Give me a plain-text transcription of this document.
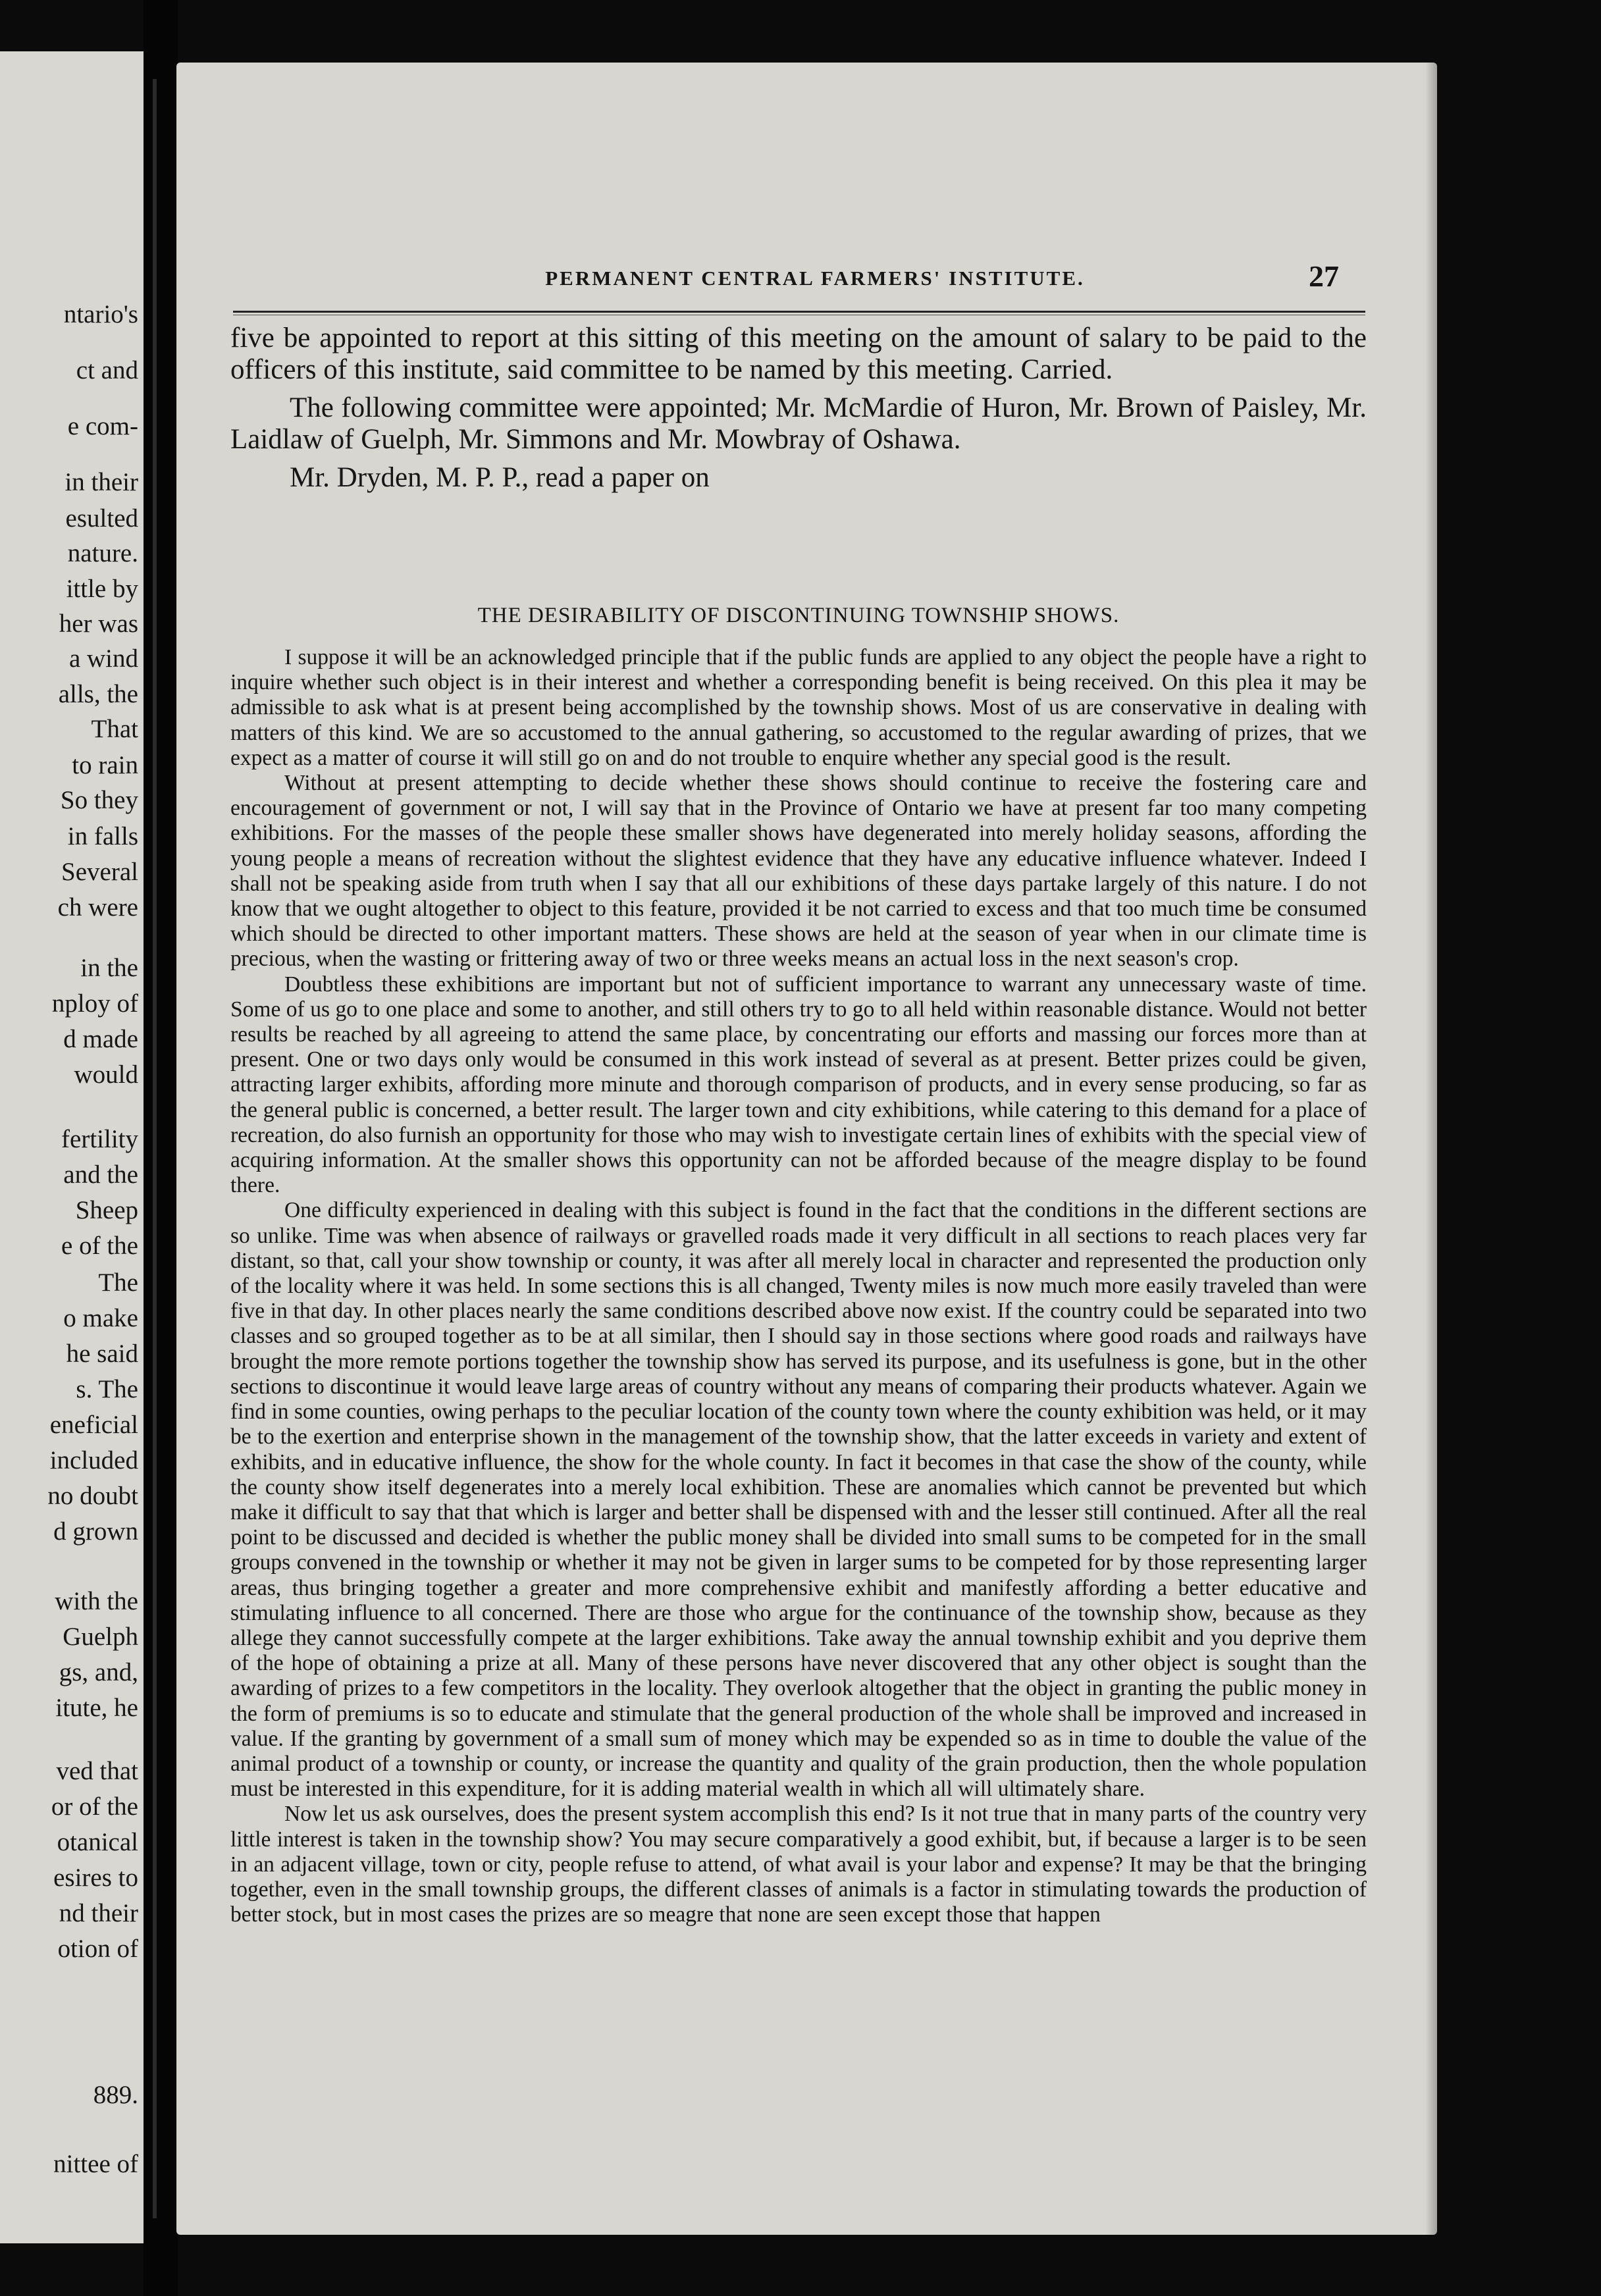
ntario's
ct and
e com-
in their
esulted
nature.
ittle by
her was
a wind
alls, the
That
to rain
So they
in falls
Several
ch were
in the
nploy of
d made
would
fertility
and the
Sheep
e of the
The
o make
he said
s. The
eneficial
included
no doubt
d grown
with the
Guelph
gs, and,
itute, he
ved that
or of the
otanical
esires to
nd their
otion of
889.
nittee of
PERMANENT CENTRAL FARMERS' INSTITUTE.	27

five be appointed to report at this sitting of this meeting on the amount of salary to be paid to the officers of this institute, said committee to be named by this meeting. Carried.

The following committee were appointed; Mr. McMardie of Huron, Mr. Brown of Paisley, Mr. Laidlaw of Guelph, Mr. Simmons and Mr. Mowbray of Oshawa.

Mr. Dryden, M. P. P., read a paper on

THE DESIRABILITY OF DISCONTINUING TOWNSHIP SHOWS.

I suppose it will be an acknowledged principle that if the public funds are applied to any object the people have a right to inquire whether such object is in their interest and whether a corresponding benefit is being received. On this plea it may be admissible to ask what is at present being accomplished by the township shows. Most of us are conservative in dealing with matters of this kind. We are so accustomed to the annual gathering, so accustomed to the regular awarding of prizes, that we expect as a matter of course it will still go on and do not trouble to enquire whether any special good is the result.

Without at present attempting to decide whether these shows should continue to receive the fostering care and encouragement of government or not, I will say that in the Province of Ontario we have at present far too many competing exhibitions. For the masses of the people these smaller shows have degenerated into merely holiday seasons, affording the young people a means of recreation without the slightest evidence that they have any educative influence whatever. Indeed I shall not be speaking aside from truth when I say that all our exhibitions of these days partake largely of this nature. I do not know that we ought altogether to object to this feature, provided it be not carried to excess and that too much time be consumed which should be directed to other important matters. These shows are held at the season of year when in our climate time is precious, when the wasting or frittering away of two or three weeks means an actual loss in the next season's crop.

Doubtless these exhibitions are important but not of sufficient importance to warrant any unnecessary waste of time. Some of us go to one place and some to another, and still others try to go to all held within reasonable distance. Would not better results be reached by all agreeing to attend the same place, by concentrating our efforts and massing our forces more than at present. One or two days only would be consumed in this work instead of several as at present. Better prizes could be given, attracting larger exhibits, affording more minute and thorough comparison of products, and in every sense producing, so far as the general public is concerned, a better result. The larger town and city exhibitions, while catering to this demand for a place of recreation, do also furnish an opportunity for those who may wish to investigate certain lines of exhibits with the special view of acquiring information. At the smaller shows this opportunity can not be afforded because of the meagre display to be found there.

One difficulty experienced in dealing with this subject is found in the fact that the conditions in the different sections are so unlike. Time was when absence of railways or gravelled roads made it very difficult in all sections to reach places very far distant, so that, call your show township or county, it was after all merely local in character and represented the production only of the locality where it was held. In some sections this is all changed, Twenty miles is now much more easily traveled than were five in that day. In other places nearly the same conditions described above now exist. If the country could be separated into two classes and so grouped together as to be at all similar, then I should say in those sections where good roads and railways have brought the more remote portions together the township show has served its purpose, and its usefulness is gone, but in the other sections to discontinue it would leave large areas of country without any means of comparing their products whatever. Again we find in some counties, owing perhaps to the peculiar location of the county town where the county exhibition was held, or it may be to the exertion and enterprise shown in the management of the township show, that the latter exceeds in variety and extent of exhibits, and in educative influence, the show for the whole county. In fact it becomes in that case the show of the county, while the county show itself degenerates into a merely local exhibition. These are anomalies which cannot be prevented but which make it difficult to say that that which is larger and better shall be dispensed with and the lesser still continued. After all the real point to be discussed and decided is whether the public money shall be divided into small sums to be competed for in the small groups convened in the township or whether it may not be given in larger sums to be competed for by those representing larger areas, thus bringing together a greater and more comprehensive exhibit and manifestly affording a better educative and stimulating influence to all concerned. There are those who argue for the continuance of the township show, because as they allege they cannot successfully compete at the larger exhibitions. Take away the annual township exhibit and you deprive them of the hope of obtaining a prize at all. Many of these persons have never discovered that any other object is sought than the awarding of prizes to a few competitors in the locality. They overlook altogether that the object in granting the public money in the form of premiums is so to educate and stimulate that the general production of the whole shall be improved and increased in value. If the granting by government of a small sum of money which may be expended so as in time to double the value of the animal product of a township or county, or increase the quantity and quality of the grain production, then the whole population must be interested in this expenditure, for it is adding material wealth in which all will ultimately share.

Now let us ask ourselves, does the present system accomplish this end? Is it not true that in many parts of the country very little interest is taken in the township show? You may secure comparatively a good exhibit, but, if because a larger is to be seen in an adjacent village, town or city, people refuse to attend, of what avail is your labor and expense? It may be that the bringing together, even in the small township groups, the different classes of animals is a factor in stimulating towards the production of better stock, but in most cases the prizes are so meagre that none are seen except those that happen
